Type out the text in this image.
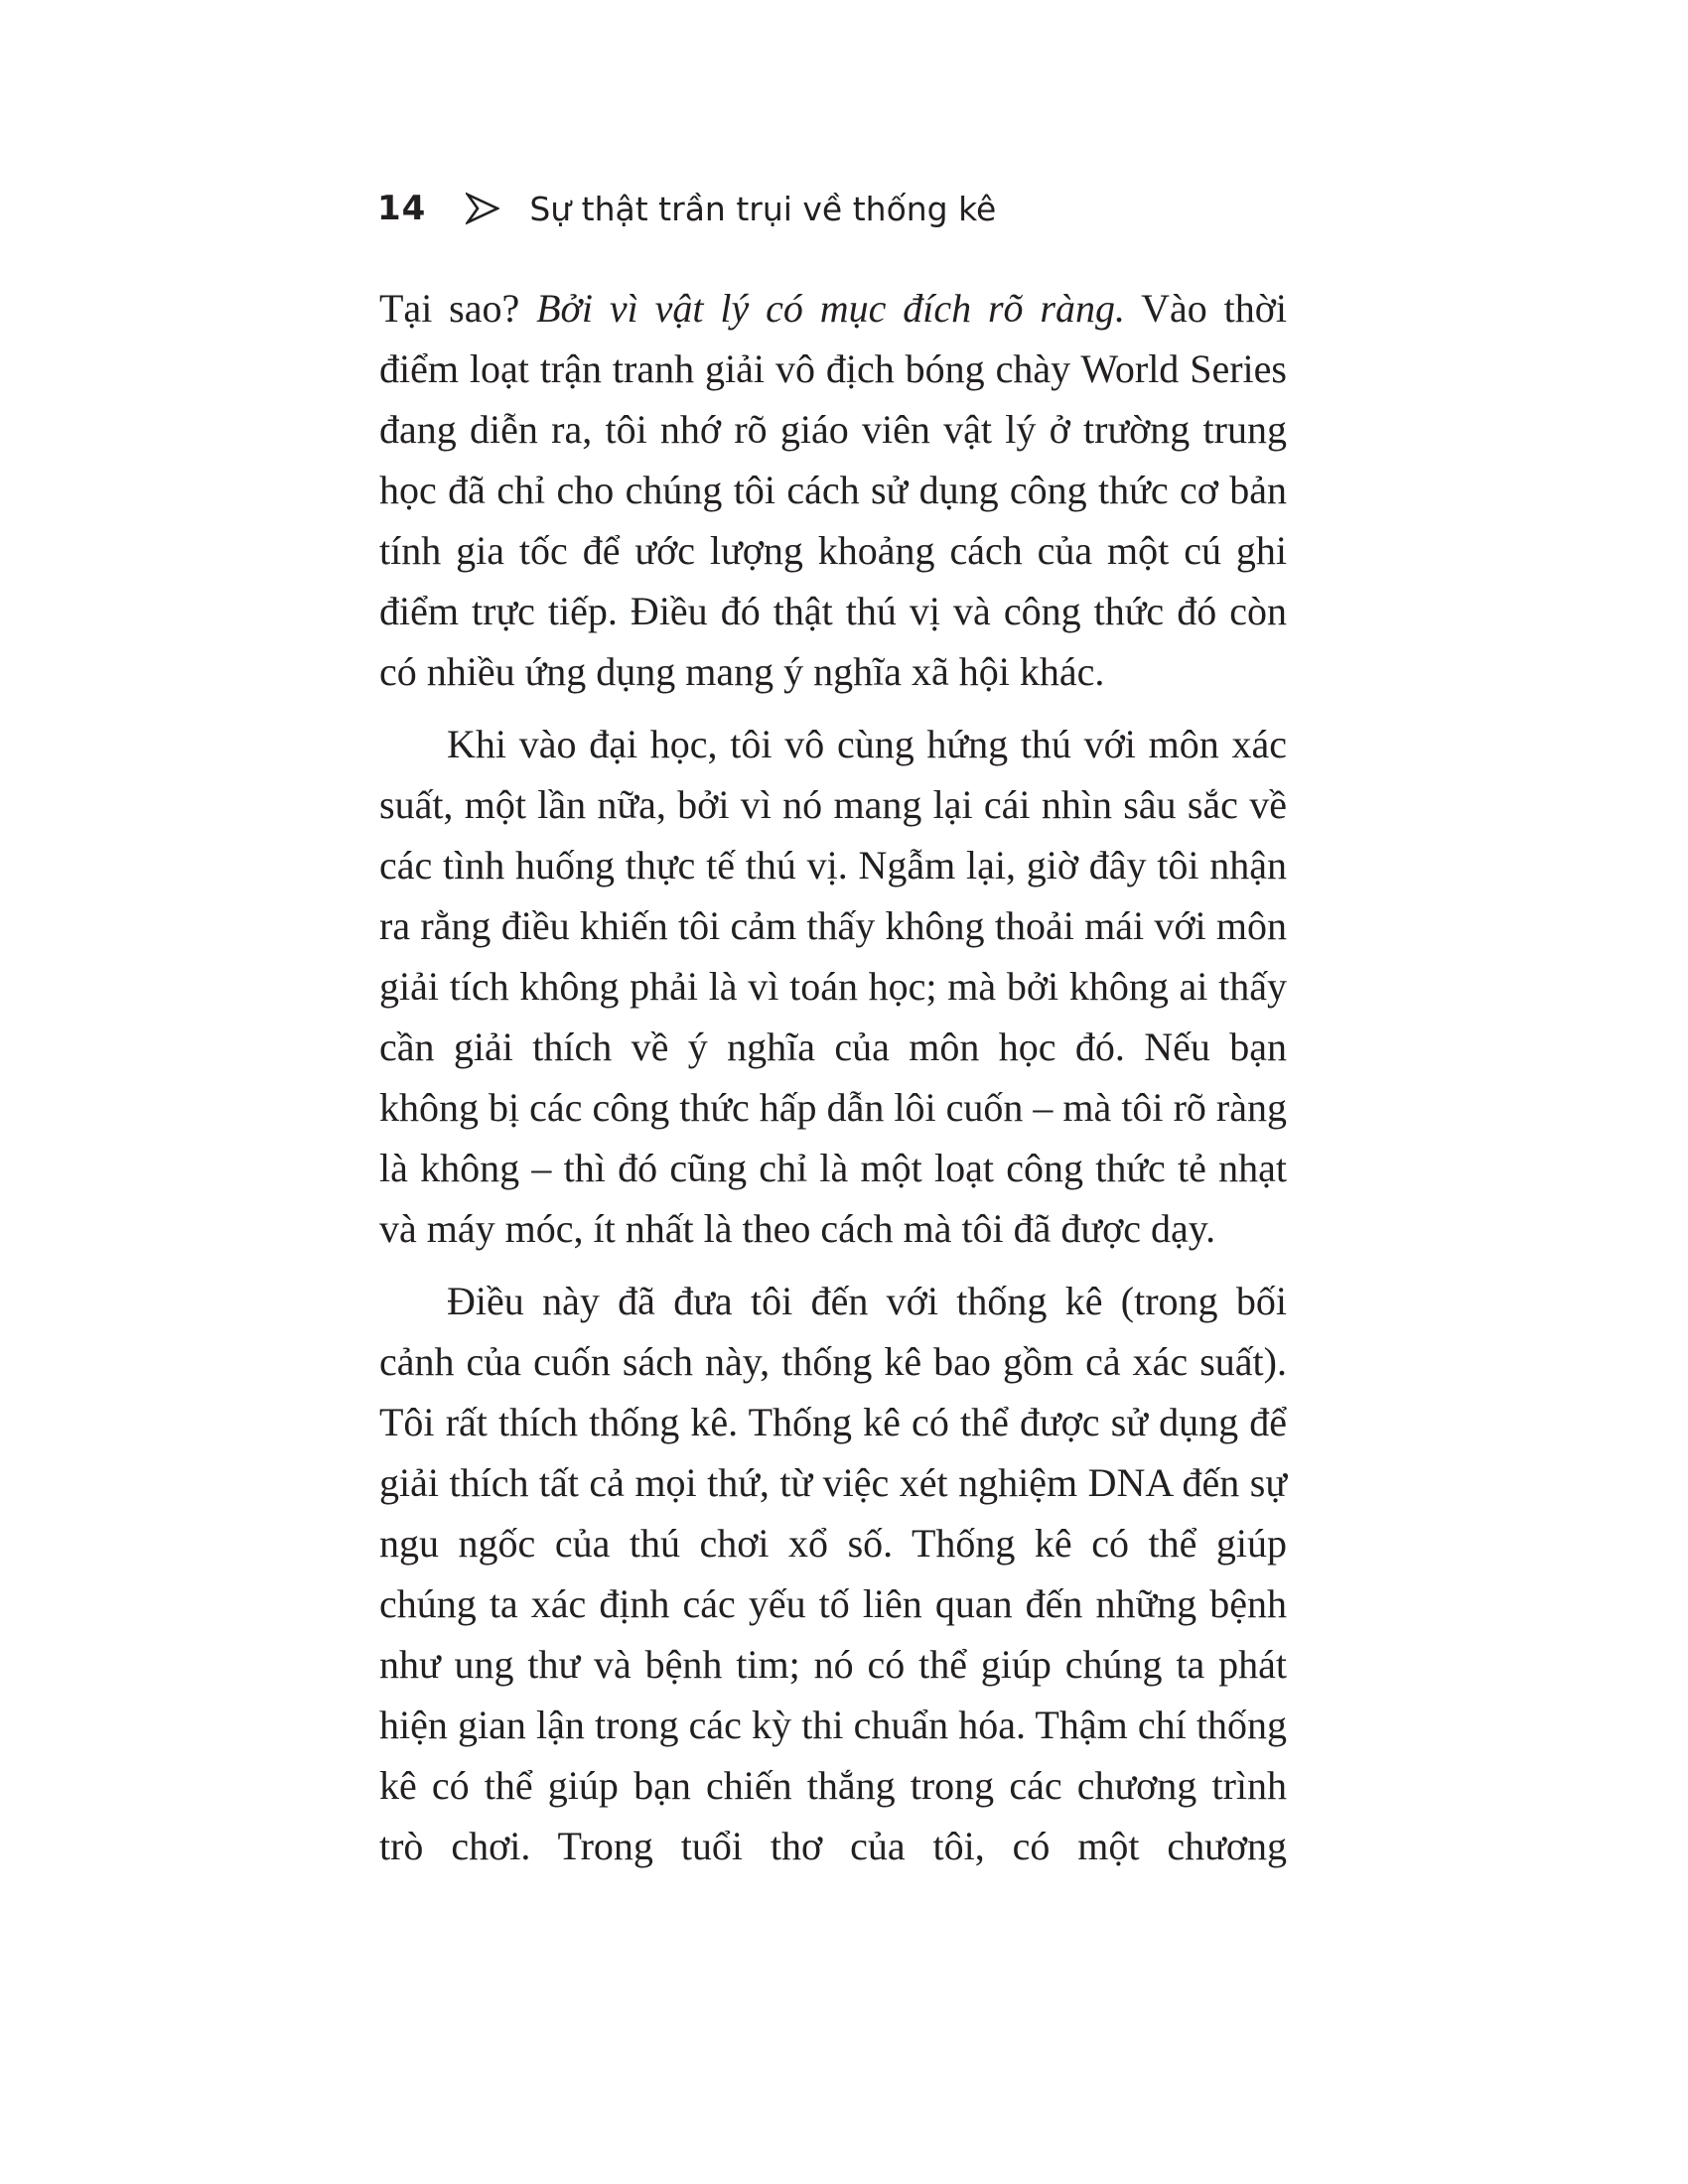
14	Sự thật trần trụi về thống kê

Tại sao? Bởi vì vật lý có mục đích rõ ràng. Vào thời điểm loạt trận tranh giải vô địch bóng chày World Series đang diễn ra, tôi nhớ rõ giáo viên vật lý ở trường trung học đã chỉ cho chúng tôi cách sử dụng công thức cơ bản tính gia tốc để ước lượng khoảng cách của một cú ghi điểm trực tiếp. Điều đó thật thú vị và công thức đó còn có nhiều ứng dụng mang ý nghĩa xã hội khác.

Khi vào đại học, tôi vô cùng hứng thú với môn xác suất, một lần nữa, bởi vì nó mang lại cái nhìn sâu sắc về các tình huống thực tế thú vị. Ngẫm lại, giờ đây tôi nhận ra rằng điều khiến tôi cảm thấy không thoải mái với môn giải tích không phải là vì toán học; mà bởi không ai thấy cần giải thích về ý nghĩa của môn học đó. Nếu bạn không bị các công thức hấp dẫn lôi cuốn – mà tôi rõ ràng là không – thì đó cũng chỉ là một loạt công thức tẻ nhạt và máy móc, ít nhất là theo cách mà tôi đã được dạy.

Điều này đã đưa tôi đến với thống kê (trong bối cảnh của cuốn sách này, thống kê bao gồm cả xác suất). Tôi rất thích thống kê. Thống kê có thể được sử dụng để giải thích tất cả mọi thứ, từ việc xét nghiệm DNA đến sự ngu ngốc của thú chơi xổ số. Thống kê có thể giúp chúng ta xác định các yếu tố liên quan đến những bệnh như ung thư và bệnh tim; nó có thể giúp chúng ta phát hiện gian lận trong các kỳ thi chuẩn hóa. Thậm chí thống kê có thể giúp bạn chiến thắng trong các chương trình trò chơi. Trong tuổi thơ của tôi, có một chương
